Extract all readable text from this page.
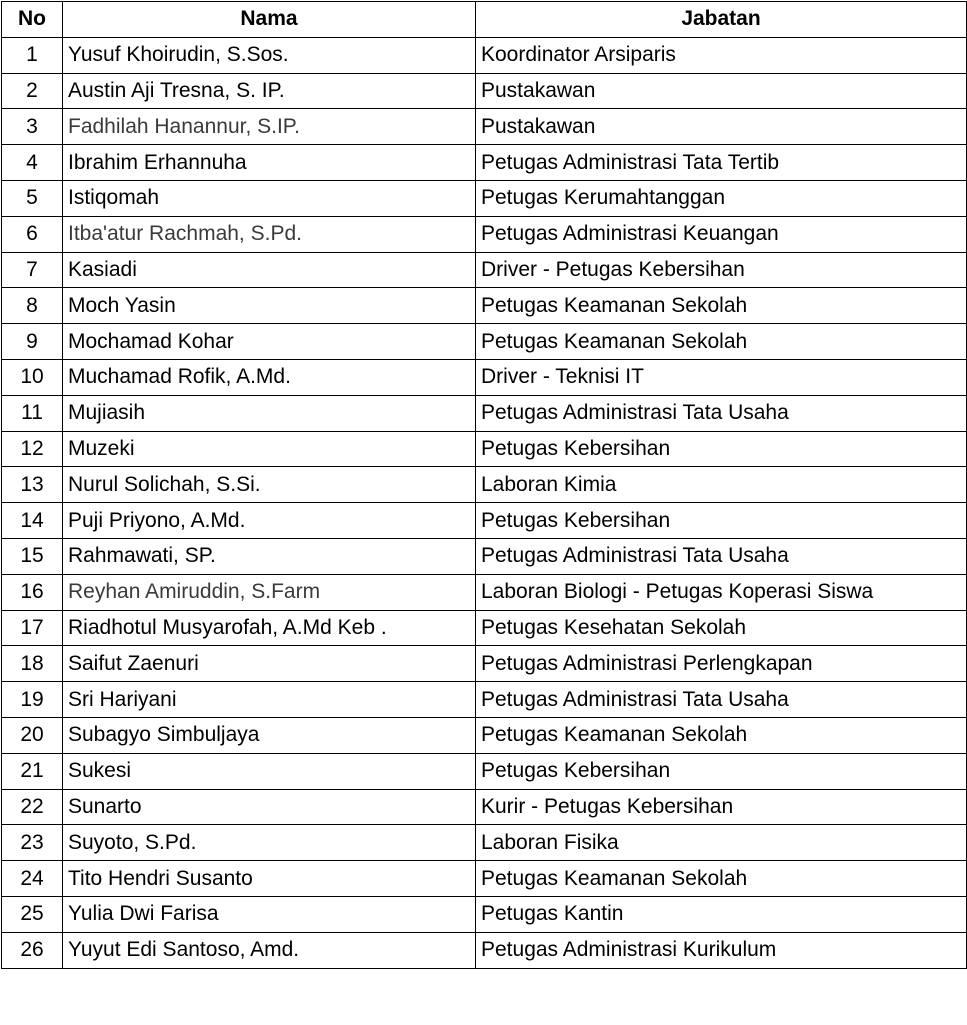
No	Nama	Jabatan
1	Yusuf Khoirudin, S.Sos.	Koordinator Arsiparis
2	Austin Aji Tresna, S. IP.	Pustakawan
3	Fadhilah Hanannur, S.IP.	Pustakawan
4	Ibrahim Erhannuha	Petugas Administrasi Tata Tertib
5	Istiqomah	Petugas Kerumahtanggan
6	Itba'atur Rachmah, S.Pd.	Petugas Administrasi Keuangan
7	Kasiadi	Driver - Petugas Kebersihan
8	Moch Yasin	Petugas Keamanan Sekolah
9	Mochamad Kohar	Petugas Keamanan Sekolah
10	Muchamad Rofik, A.Md.	Driver - Teknisi IT
11	Mujiasih	Petugas Administrasi Tata Usaha
12	Muzeki	Petugas Kebersihan
13	Nurul Solichah, S.Si.	Laboran Kimia
14	Puji Priyono, A.Md.	Petugas Kebersihan
15	Rahmawati, SP.	Petugas Administrasi Tata Usaha
16	Reyhan Amiruddin, S.Farm	Laboran Biologi - Petugas Koperasi Siswa
17	Riadhotul Musyarofah, A.Md Keb .	Petugas Kesehatan Sekolah
18	Saifut Zaenuri	Petugas Administrasi Perlengkapan
19	Sri Hariyani	Petugas Administrasi Tata Usaha
20	Subagyo Simbuljaya	Petugas Keamanan Sekolah
21	Sukesi	Petugas Kebersihan
22	Sunarto	Kurir - Petugas Kebersihan
23	Suyoto, S.Pd.	Laboran Fisika
24	Tito Hendri Susanto	Petugas Keamanan Sekolah
25	Yulia Dwi Farisa	Petugas Kantin
26	Yuyut Edi Santoso, Amd.	Petugas Administrasi Kurikulum
